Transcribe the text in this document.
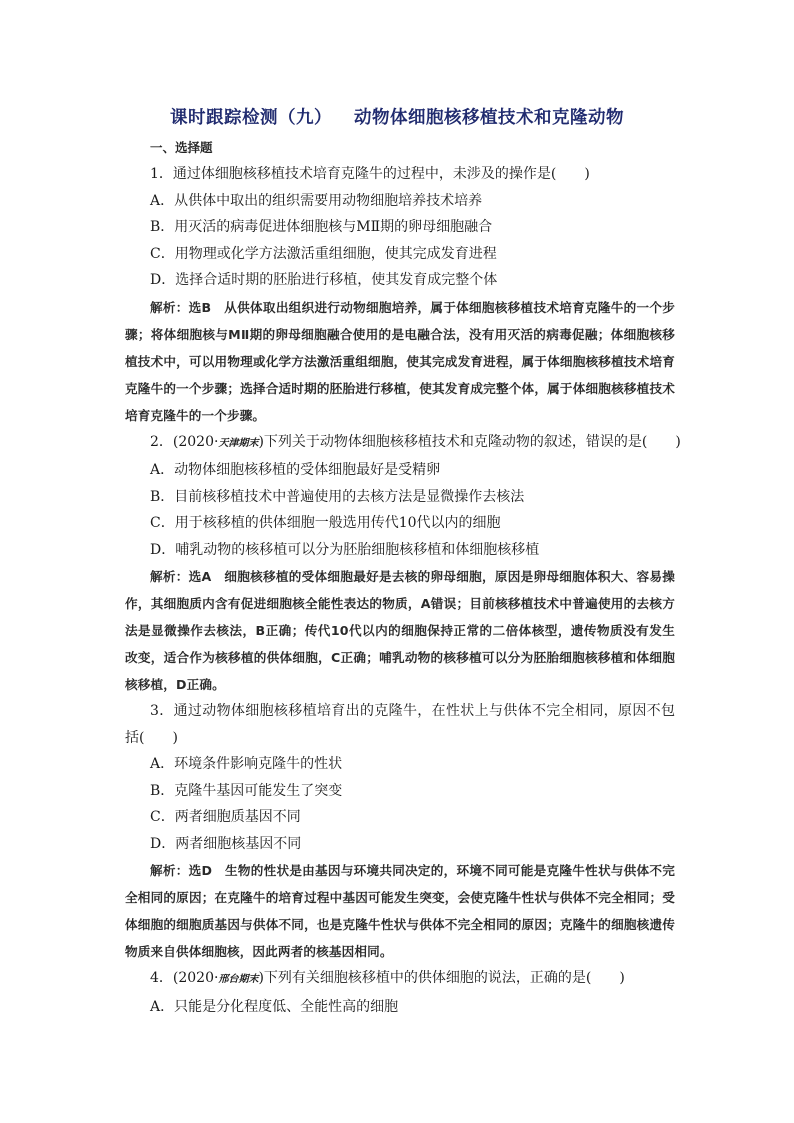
课时跟踪检测（九） 动物体细胞核移植技术和克隆动物
一、选择题

1．通过体细胞核移植技术培育克隆牛的过程中，未涉及的操作是(　　)

A．从供体中取出的组织需要用动物细胞培养技术培养

B．用灭活的病毒促进体细胞核与MⅡ期的卵母细胞融合

C．用物理或化学方法激活重组细胞，使其完成发育进程

D．选择合适时期的胚胎进行移植，使其发育成完整个体

解析：选B　从供体取出组织进行动物细胞培养，属于体细胞核移植技术培育克隆牛的一个步骤；将体细胞核与MⅡ期的卵母细胞融合使用的是电融合法，没有用灭活的病毒促融；体细胞核移植技术中，可以用物理或化学方法激活重组细胞，使其完成发育进程，属于体细胞核移植技术培育克隆牛的一个步骤；选择合适时期的胚胎进行移植，使其发育成完整个体，属于体细胞核移植技术培育克隆牛的一个步骤。

2．(2020·天津期末)下列关于动物体细胞核移植技术和克隆动物的叙述，错误的是(　　)

A．动物体细胞核移植的受体细胞最好是受精卵

B．目前核移植技术中普遍使用的去核方法是显微操作去核法

C．用于核移植的供体细胞一般选用传代10代以内的细胞

D．哺乳动物的核移植可以分为胚胎细胞核移植和体细胞核移植

解析：选A　细胞核移植的受体细胞最好是去核的卵母细胞，原因是卵母细胞体积大、容易操作，其细胞质内含有促进细胞核全能性表达的物质，A错误；目前核移植技术中普遍使用的去核方法是显微操作去核法，B正确；传代10代以内的细胞保持正常的二倍体核型，遗传物质没有发生改变，适合作为核移植的供体细胞，C正确；哺乳动物的核移植可以分为胚胎细胞核移植和体细胞核移植，D正确。

3．通过动物体细胞核移植培育出的克隆牛，在性状上与供体不完全相同，原因不包括(　　)

A．环境条件影响克隆牛的性状

B．克隆牛基因可能发生了突变

C．两者细胞质基因不同

D．两者细胞核基因不同

解析：选D　生物的性状是由基因与环境共同决定的，环境不同可能是克隆牛性状与供体不完全相同的原因；在克隆牛的培育过程中基因可能发生突变，会使克隆牛性状与供体不完全相同；受体细胞的细胞质基因与供体不同，也是克隆牛性状与供体不完全相同的原因；克隆牛的细胞核遗传物质来自供体细胞核，因此两者的核基因相同。

4．(2020·邢台期末)下列有关细胞核移植中的供体细胞的说法，正确的是(　　)

A．只能是分化程度低、全能性高的细胞
